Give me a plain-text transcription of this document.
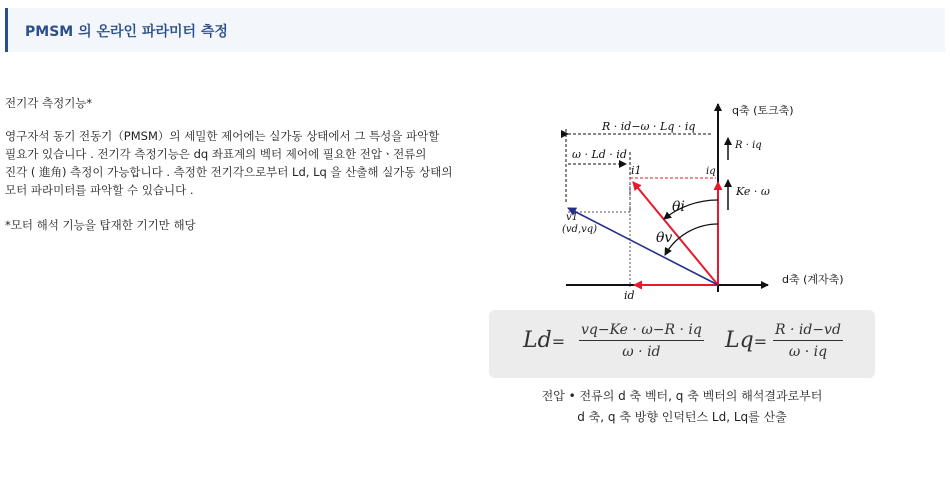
PMSM 의 온라인 파라미터 측정

전기각 측정기능*

영구자석 동기 전동기（PMSM）의 세밀한 제어에는 실가동 상태에서 그 특성을 파악할

필요가 있습니다 . 전기각 측정기능은 dq 좌표계의 벡터 제어에 필요한 전압ㆍ전류의

진각 ( 進角) 측정이 가능합니다 . 측정한 전기각으로부터 Ld, Lq 을 산출해 실가동 상태의

모터 파라미터를 파악할 수 있습니다 .

*모터 해석 기능을 탑재한 기기만 해당

q축 (토크축)
d축 (계자축)
R · id−ω · Lq · iq
ω · Ld · id
R · iq
Ke · ω
i1	iq
θi
θv
v1
(vd,vq)
id
$Ld= \frac{vq-Ke \cdot \omega-R \cdot iq}{\omega \cdot id} Lq= \frac{R \cdot id-vd}{\omega \cdot iq}$
전압 • 전류의 d 축 벡터, q 축 벡터의 해석결과로부터
d 축, q 축 방향 인덕턴스 Ld, Lq를 산출
